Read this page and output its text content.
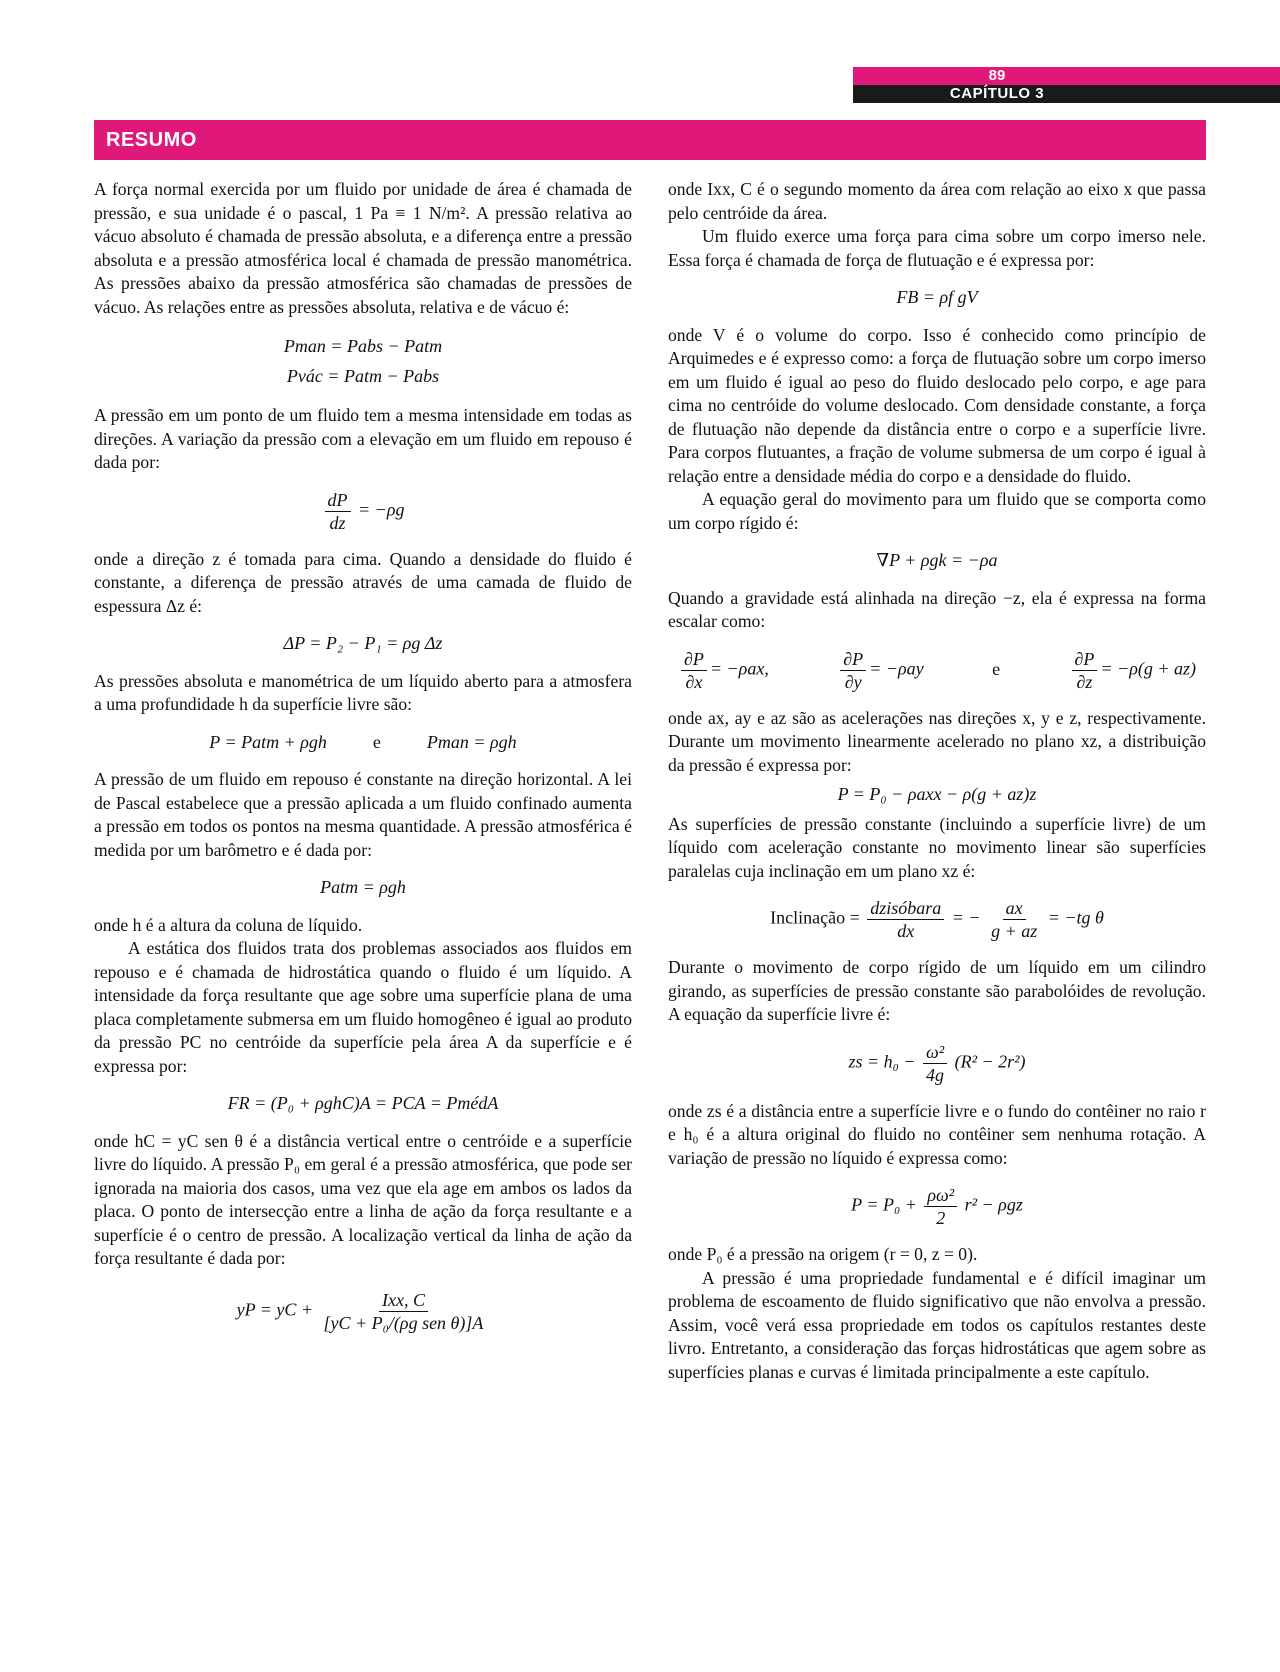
89
CAPÍTULO 3
RESUMO

A força normal exercida por um fluido por unidade de área é chamada de pressão, e sua unidade é o pascal, 1 Pa ≡ 1 N/m². A pressão relativa ao vácuo absoluto é chamada de pressão absoluta, e a diferença entre a pressão absoluta e a pressão atmosférica local é chamada de pressão manométrica. As pressões abaixo da pressão atmosférica são chamadas de pressões de vácuo. As relações entre as pressões absoluta, relativa e de vácuo é:

Pman = Pabs − Patm
Pvác = Patm − Pabs

A pressão em um ponto de um fluido tem a mesma intensidade em todas as direções. A variação da pressão com a elevação em um fluido em repouso é dada por:

$\frac{dP}{dz} = -\rho g$

onde a direção z é tomada para cima. Quando a densidade do fluido é constante, a diferença de pressão através de uma camada de fluido de espessura Δz é:

ΔP = P₂ − P₁ = ρg Δz

As pressões absoluta e manométrica de um líquido aberto para a atmosfera a uma profundidade h da superfície livre são:

P = Patm + ρgh	e	Pman = ρgh

A pressão de um fluido em repouso é constante na direção horizontal. A lei de Pascal estabelece que a pressão aplicada a um fluido confinado aumenta a pressão em todos os pontos na mesma quantidade. A pressão atmosférica é medida por um barômetro e é dada por:

Patm = ρgh

onde h é a altura da coluna de líquido.

A estática dos fluidos trata dos problemas associados aos fluidos em repouso e é chamada de hidrostática quando o fluido é um líquido. A intensidade da força resultante que age sobre uma superfície plana de uma placa completamente submersa em um fluido homogêneo é igual ao produto da pressão PC no centróide da superfície pela área A da superfície e é expressa por:

FR = (P₀ + ρghC)A = PCA = PmédA

onde hC = yC sen θ é a distância vertical entre o centróide e a superfície livre do líquido. A pressão P₀ em geral é a pressão atmosférica, que pode ser ignorada na maioria dos casos, uma vez que ela age em ambos os lados da placa. O ponto de intersecção entre a linha de ação da força resultante e a superfície é o centro de pressão. A localização vertical da linha de ação da força resultante é dada por:

yP = yC + $\frac{\text{Ixx, C}}{\text{[yC + P₀/(ρg sen θ)]A}}$

onde Ixx, C é o segundo momento da área com relação ao eixo x que passa pelo centróide da área.

Um fluido exerce uma força para cima sobre um corpo imerso nele. Essa força é chamada de força de flutuação e é expressa por:

FB = ρf gV

onde V é o volume do corpo. Isso é conhecido como princípio de Arquimedes e é expresso como: a força de flutuação sobre um corpo imerso em um fluido é igual ao peso do fluido deslocado pelo corpo, e age para cima no centróide do volume deslocado. Com densidade constante, a força de flutuação não depende da distância entre o corpo e a superfície livre. Para corpos flutuantes, a fração de volume submersa de um corpo é igual à relação entre a densidade média do corpo e a densidade do fluido.

A equação geral do movimento para um fluido que se comporta como um corpo rígido é:

∇P + ρgk = −ρa

Quando a gravidade está alinhada na direção −z, ela é expressa na forma escalar como:

$\frac{\partial P}{\partial x} = -\rho ax$,	$\frac{\partial P}{\partial y} = -\rho ay$	e	$\frac{\partial P}{\partial z} = -\rho(g + az)$

onde ax, ay e az são as acelerações nas direções x, y e z, respectivamente. Durante um movimento linearmente acelerado no plano xz, a distribuição da pressão é expressa por:

P = P₀ − ρaxx − ρ(g + az)z

As superfícies de pressão constante (incluindo a superfície livre) de um líquido com aceleração constante no movimento linear são superfícies paralelas cuja inclinação em um plano xz é:

Inclinação = $\frac{\text{dzisóbara}}{dx}$ = − $\frac{ax}{g + az} = -tg$ θ

Durante o movimento de corpo rígido de um líquido em um cilindro girando, as superfícies de pressão constante são parabolóides de revolução. A equação da superfície livre é:

zs = $h_0 - \frac{\text{ω²}}{4g} (R^2 - 2r^2)$

onde zs é a distância entre a superfície livre e o fundo do contêiner no raio r e h₀ é a altura original do fluido no contêiner sem nenhuma rotação. A variação de pressão no líquido é expressa como:

$P = P_0 + \frac{\text{ρω²}}{2} r^2 - \rho gz$

onde P₀ é a pressão na origem (r = 0, z = 0).

A pressão é uma propriedade fundamental e é difícil imaginar um problema de escoamento de fluido significativo que não envolva a pressão. Assim, você verá essa propriedade em todos os capítulos restantes deste livro. Entretanto, a consideração das forças hidrostáticas que agem sobre as superfícies planas e curvas é limitada principalmente a este capítulo.
